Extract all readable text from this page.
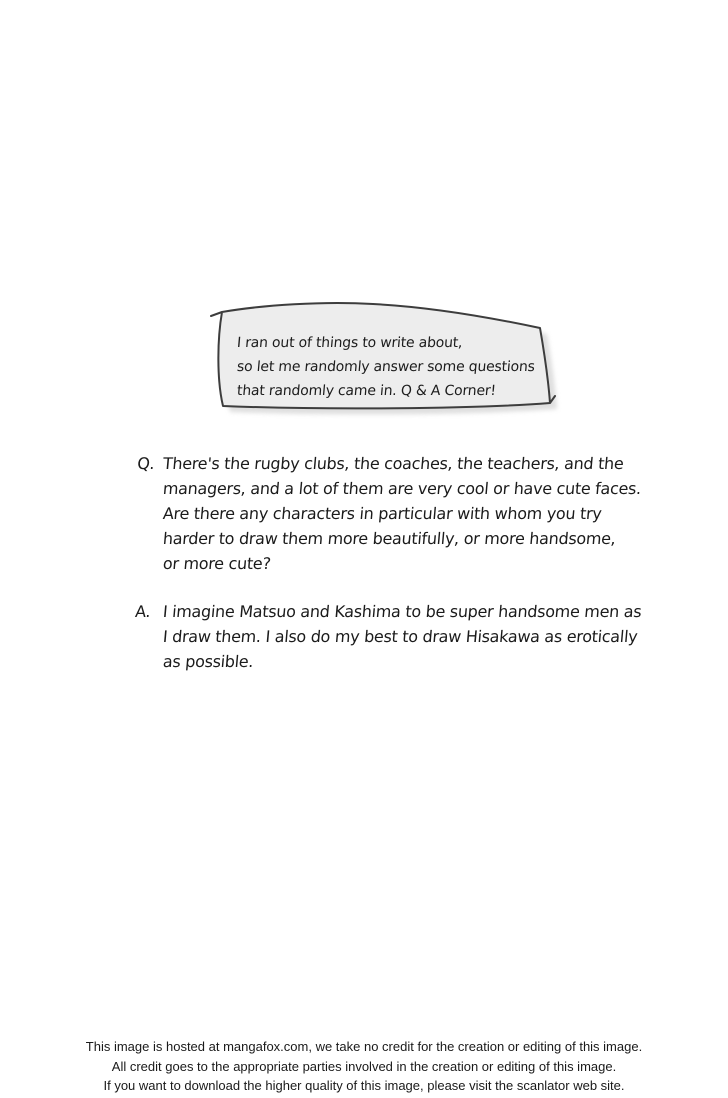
I ran out of things to write about,
so let me randomly answer some questions
that randomly came in. Q & A Corner!
Q. There's the rugby clubs, the coaches, the teachers, and the
managers, and a lot of them are very cool or have cute faces.
Are there any characters in particular with whom you try
harder to draw them more beautifully, or more handsome,
or more cute?
A. I imagine Matsuo and Kashima to be super handsome men as
I draw them. I also do my best to draw Hisakawa as erotically
as possible.
This image is hosted at mangafox.com, we take no credit for the creation or editing of this image.
All credit goes to the appropriate parties involved in the creation or editing of this image.
If you want to download the higher quality of this image, please visit the scanlator web site.
